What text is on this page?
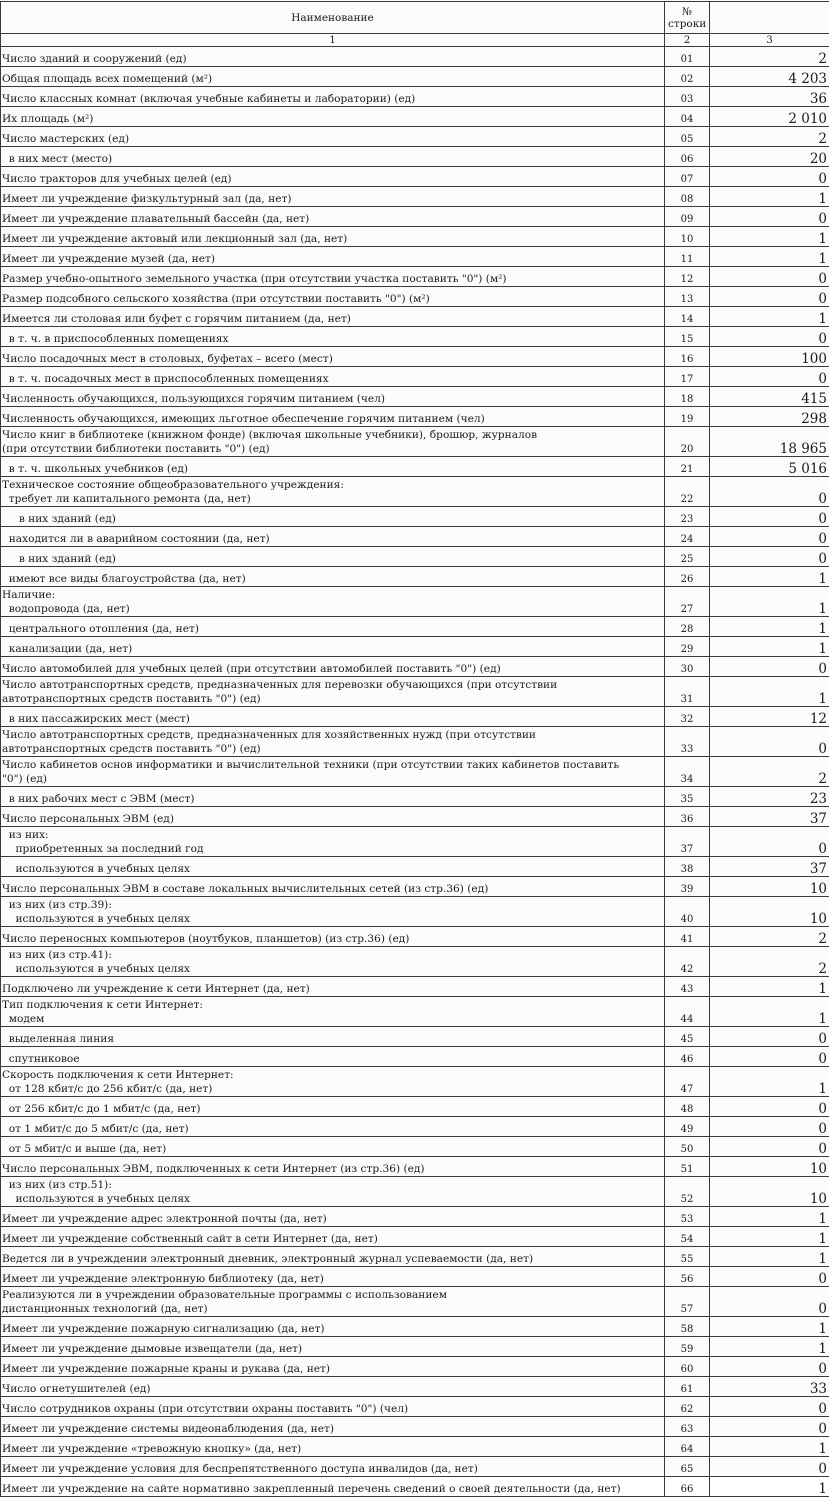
Наименование	№
строки	
1	2	3
Число зданий и сооружений (ед)	01	2
Общая площадь всех помещений (м²)	02	4 203
Число классных комнат (включая учебные кабинеты и лаборатории) (ед)	03	36
Их площадь (м²)	04	2 010
Число мастерских (ед)	05	2
в них мест (место)	06	20
Число тракторов для учебных целей (ед)	07	0
Имеет ли учреждение физкультурный зал (да, нет)	08	1
Имеет ли учреждение плавательный бассейн (да, нет)	09	0
Имеет ли учреждение актовый или лекционный зал (да, нет)	10	1
Имеет ли учреждение музей (да, нет)	11	1
Размер учебно-опытного земельного участка (при отсутствии участка поставить "0") (м²)	12	0
Размер подсобного сельского хозяйства (при отсутствии поставить "0") (м²)	13	0
Имеется ли столовая или буфет с горячим питанием (да, нет)	14	1
в т. ч. в приспособленных помещениях	15	0
Число посадочных мест в столовых, буфетах – всего (мест)	16	100
в т. ч. посадочных мест в приспособленных помещениях	17	0
Численность обучающихся, пользующихся горячим питанием (чел)	18	415
Численность обучающихся, имеющих льготное обеспечение горячим питанием (чел)	19	298
Число книг в библиотеке (книжном фонде) (включая школьные учебники), брошюр, журналов
(при отсутствии библиотеки поставить "0") (ед)	20	18 965
в т. ч. школьных учебников (ед)	21	5 016
Техническое состояние общеобразовательного учреждения:
требует ли капитального ремонта (да, нет)	22	0
в них зданий (ед)	23	0
находится ли в аварийном состоянии (да, нет)	24	0
в них зданий (ед)	25	0
имеют все виды благоустройства (да, нет)	26	1
Наличие:
водопровода (да, нет)	27	1
центрального отопления (да, нет)	28	1
канализации (да, нет)	29	1
Число автомобилей для учебных целей (при отсутствии автомобилей поставить "0") (ед)	30	0
Число автотранспортных средств, предназначенных для перевозки обучающихся (при отсутствии
автотранспортных средств поставить "0") (ед)	31	1
в них пассажирских мест (мест)	32	12
Число автотранспортных средств, предназначенных для хозяйственных нужд (при отсутствии
автотранспортных средств поставить "0") (ед)	33	0
Число кабинетов основ информатики и вычислительной техники (при отсутствии таких кабинетов поставить
"0") (ед)	34	2
в них рабочих мест с ЭВМ (мест)	35	23
Число персональных ЭВМ (ед)	36	37
из них:
приобретенных за последний год	37	0
используются в учебных целях	38	37
Число персональных ЭВМ в составе локальных вычислительных сетей (из стр.36) (ед)	39	10
из них (из стр.39):
используются в учебных целях	40	10
Число переносных компьютеров (ноутбуков, планшетов) (из стр.36) (ед)	41	2
из них (из стр.41):
используются в учебных целях	42	2
Подключено ли учреждение к сети Интернет (да, нет)	43	1
Тип подключения к сети Интернет:
модем	44	1
выделенная линия	45	0
спутниковое	46	0
Скорость подключения к сети Интернет:
от 128 кбит/с до 256 кбит/с (да, нет)	47	1
от 256 кбит/с до 1 мбит/с (да, нет)	48	0
от 1 мбит/с до 5 мбит/с (да, нет)	49	0
от 5 мбит/с и выше (да, нет)	50	0
Число персональных ЭВМ, подключенных к сети Интернет (из стр.36) (ед)	51	10
из них (из стр.51):
используются в учебных целях	52	10
Имеет ли учреждение адрес электронной почты (да, нет)	53	1
Имеет ли учреждение собственный сайт в сети Интернет (да, нет)	54	1
Ведется ли в учреждении электронный дневник, электронный журнал успеваемости (да, нет)	55	1
Имеет ли учреждение электронную библиотеку (да, нет)	56	0
Реализуются ли в учреждении образовательные программы с использованием
дистанционных технологий (да, нет)	57	0
Имеет ли учреждение пожарную сигнализацию (да, нет)	58	1
Имеет ли учреждение дымовые извещатели (да, нет)	59	1
Имеет ли учреждение пожарные краны и рукава (да, нет)	60	0
Число огнетушителей (ед)	61	33
Число сотрудников охраны (при отсутствии охраны поставить "0") (чел)	62	0
Имеет ли учреждение системы видеонаблюдения (да, нет)	63	0
Имеет ли учреждение «тревожную кнопку» (да, нет)	64	1
Имеет ли учреждение условия для беспрепятственного доступа инвалидов (да, нет)	65	0
Имеет ли учреждение на сайте нормативно закрепленный перечень сведений о своей деятельности (да, нет)	66	1
